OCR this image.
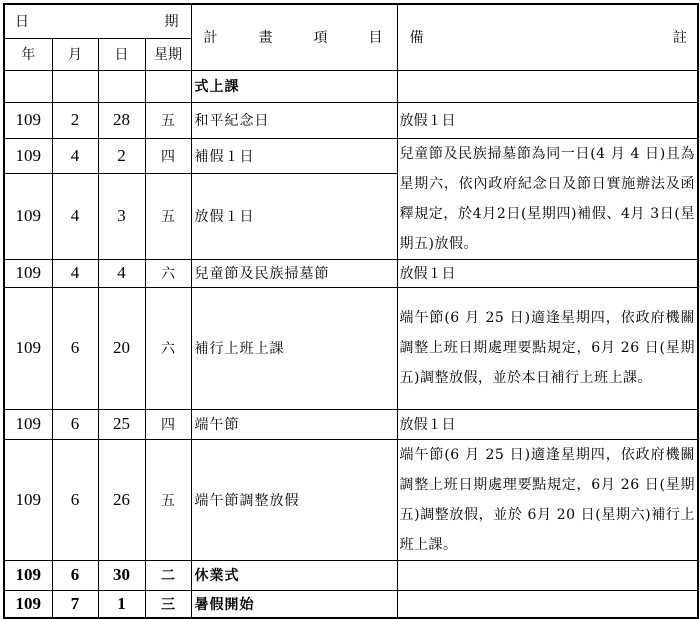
日 期				計 畫 項 目	備 註

年	月	日	星期		
				式上課	
109	2	28	五	和平紀念日	放假１日
109	4	2	四	補假１日	兒童節及民族掃墓節為同一日(4 月 4 日)且為星期六，依內政府紀念日及節日實施辦法及函釋規定，於4月2日(星期四)補假、4月 3日(星期五)放假。
109	4	3	五	放假１日	
109	4	4	六	兒童節及民族掃墓節	放假１日
109	6	20	六	補行上班上課	端午節(6 月 25 日)適逢星期四，依政府機關調整上班日期處理要點規定，6月 26 日(星期五)調整放假，並於本日補行上班上課。
109	6	25	四	端午節	放假１日
109	6	26	五	端午節調整放假	端午節(6 月 25 日)適逢星期四，依政府機關調整上班日期處理要點規定，6月 26 日(星期五)調整放假，並於 6月 20 日(星期六)補行上班上課。
109	6	30	二	休業式	
109	7	1	三	暑假開始	
